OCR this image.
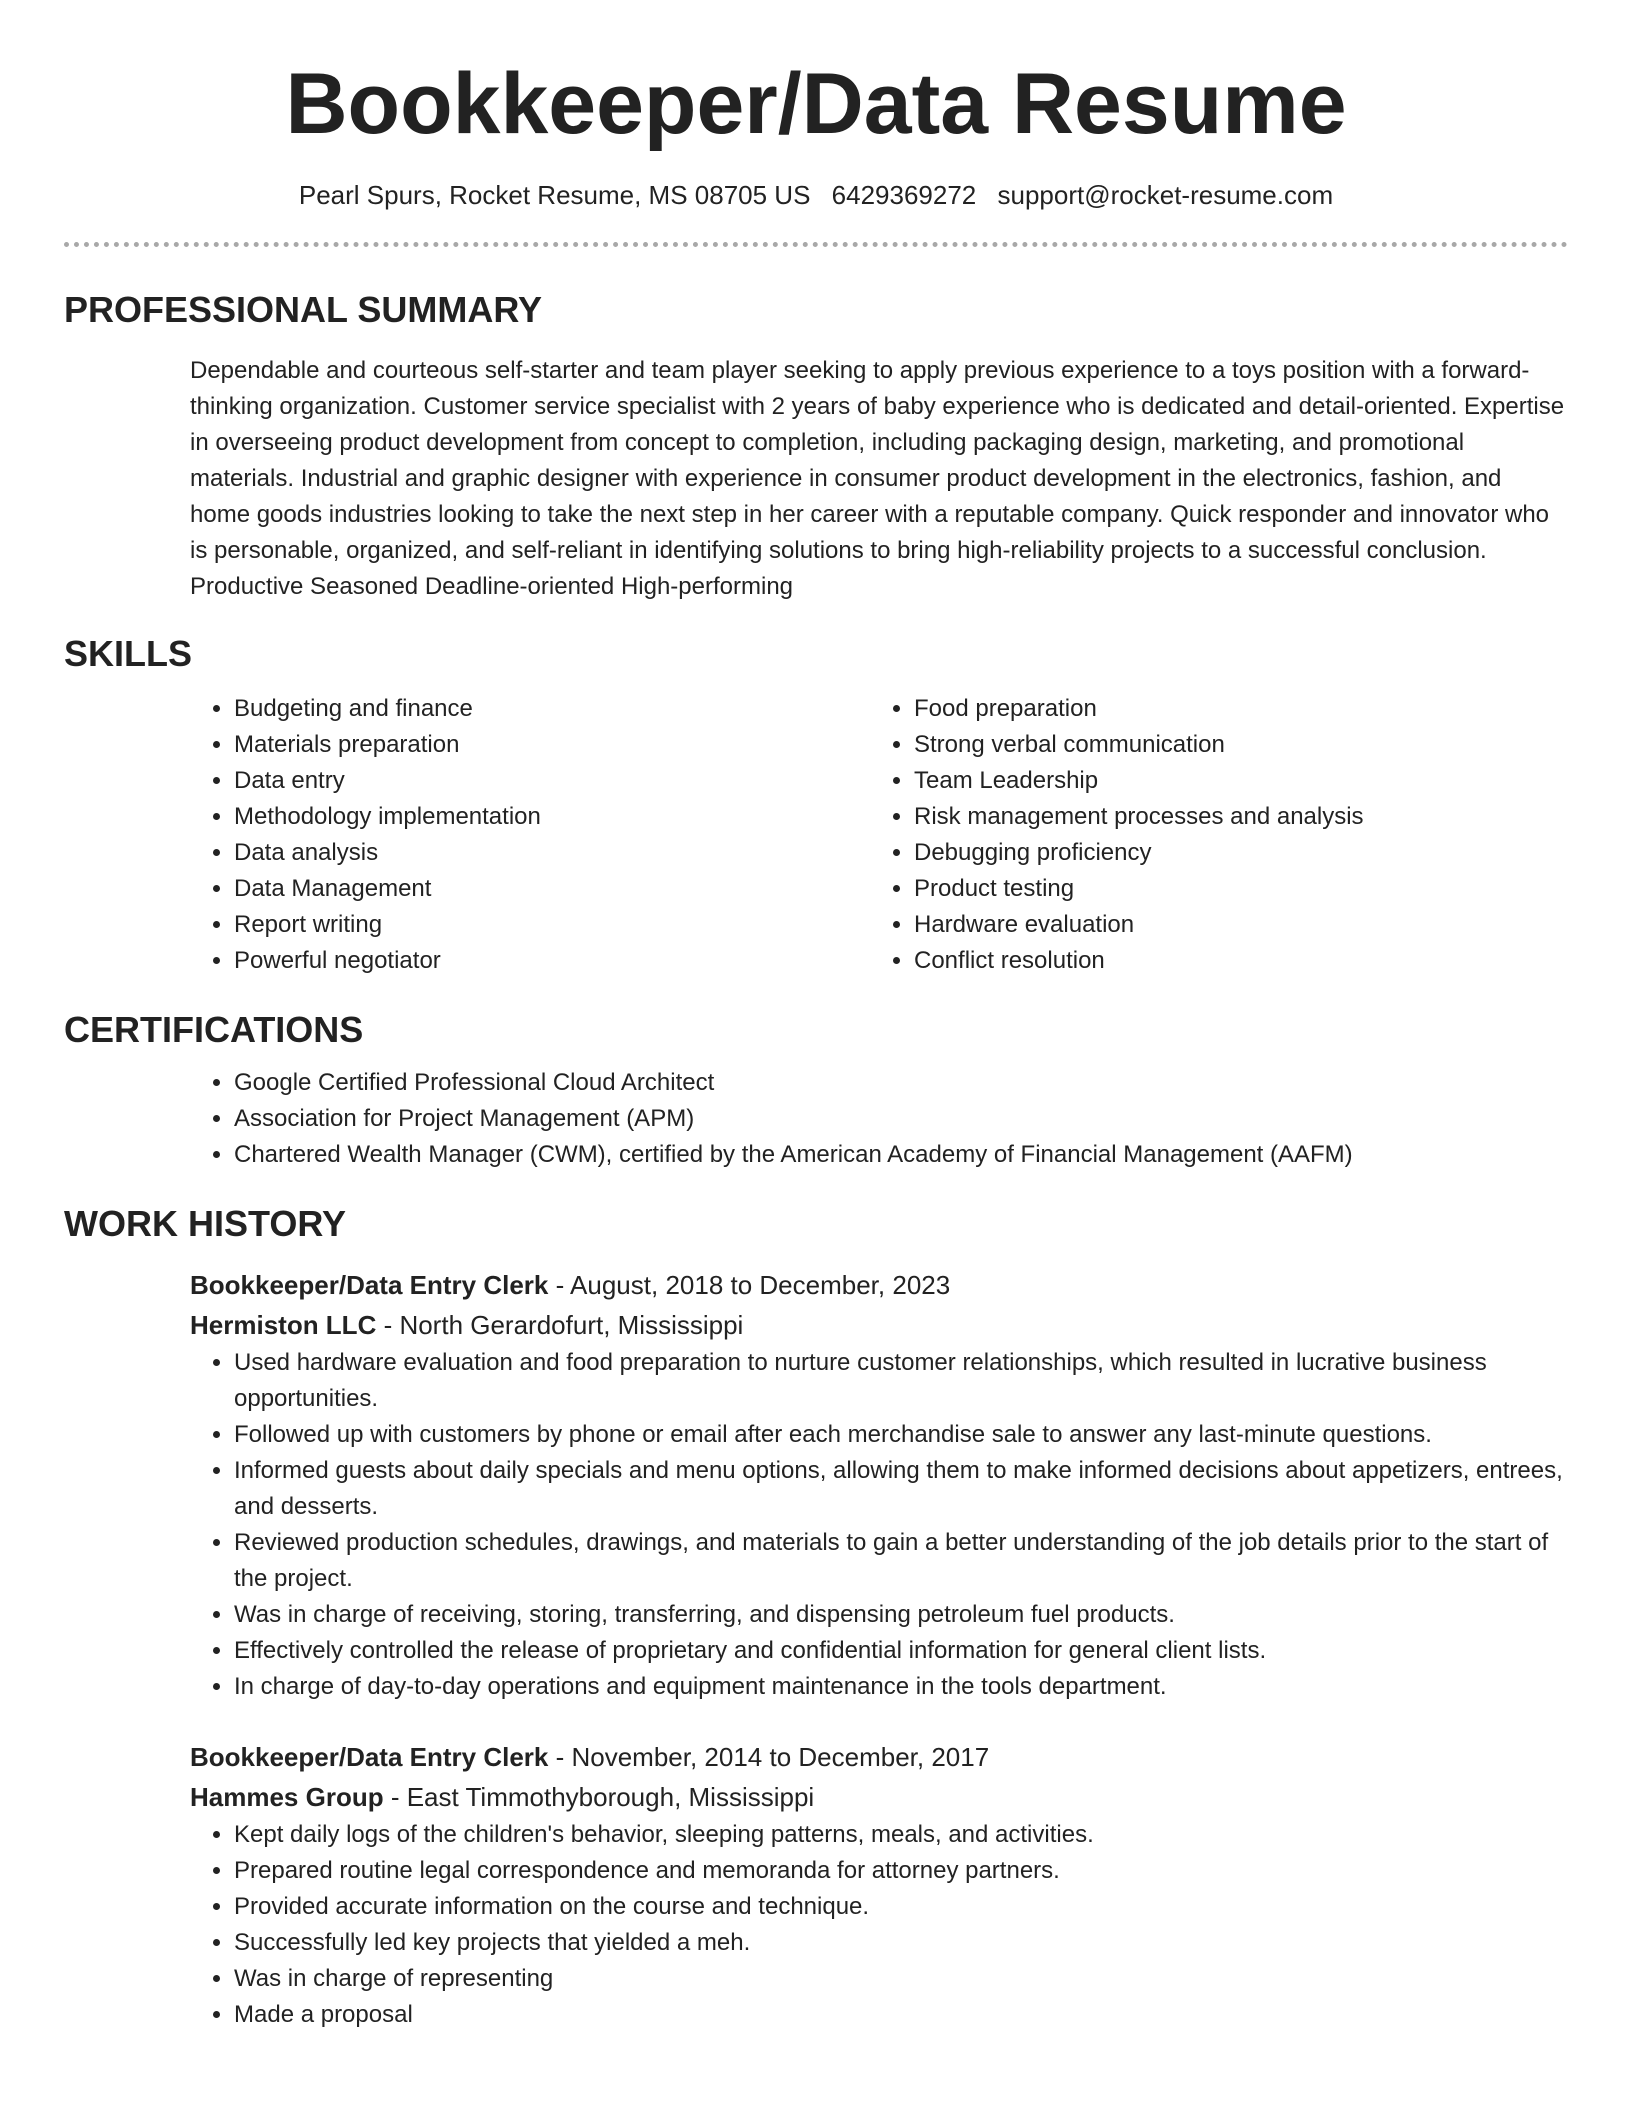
Bookkeeper/Data Resume
Pearl Spurs, Rocket Resume, MS 08705 US 6429369272 support@rocket-resume.com
PROFESSIONAL SUMMARY
Dependable and courteous self-starter and team player seeking to apply previous experience to a toys position with a forward-thinking organization. Customer service specialist with 2 years of baby experience who is dedicated and detail-oriented. Expertise in overseeing product development from concept to completion, including packaging design, marketing, and promotional materials. Industrial and graphic designer with experience in consumer product development in the electronics, fashion, and home goods industries looking to take the next step in her career with a reputable company. Quick responder and innovator who is personable, organized, and self-reliant in identifying solutions to bring high-reliability projects to a successful conclusion. Productive Seasoned Deadline-oriented High-performing
SKILLS
• Budgeting and finance
• Materials preparation
• Data entry
• Methodology implementation
• Data analysis
• Data Management
• Report writing
• Powerful negotiator
• Food preparation
• Strong verbal communication
• Team Leadership
• Risk management processes and analysis
• Debugging proficiency
• Product testing
• Hardware evaluation
• Conflict resolution
CERTIFICATIONS
• Google Certified Professional Cloud Architect
• Association for Project Management (APM)
• Chartered Wealth Manager (CWM), certified by the American Academy of Financial Management (AAFM)
WORK HISTORY
Bookkeeper/Data Entry Clerk - August, 2018 to December, 2023
Hermiston LLC - North Gerardofurt, Mississippi
• Used hardware evaluation and food preparation to nurture customer relationships, which resulted in lucrative business opportunities.
• Followed up with customers by phone or email after each merchandise sale to answer any last-minute questions.
• Informed guests about daily specials and menu options, allowing them to make informed decisions about appetizers, entrees, and desserts.
• Reviewed production schedules, drawings, and materials to gain a better understanding of the job details prior to the start of the project.
• Was in charge of receiving, storing, transferring, and dispensing petroleum fuel products.
• Effectively controlled the release of proprietary and confidential information for general client lists.
• In charge of day-to-day operations and equipment maintenance in the tools department.
Bookkeeper/Data Entry Clerk - November, 2014 to December, 2017
Hammes Group - East Timmothyborough, Mississippi
• Kept daily logs of the children's behavior, sleeping patterns, meals, and activities.
• Prepared routine legal correspondence and memoranda for attorney partners.
• Provided accurate information on the course and technique.
• Successfully led key projects that yielded a meh.
• Was in charge of representing
• Made a proposal
